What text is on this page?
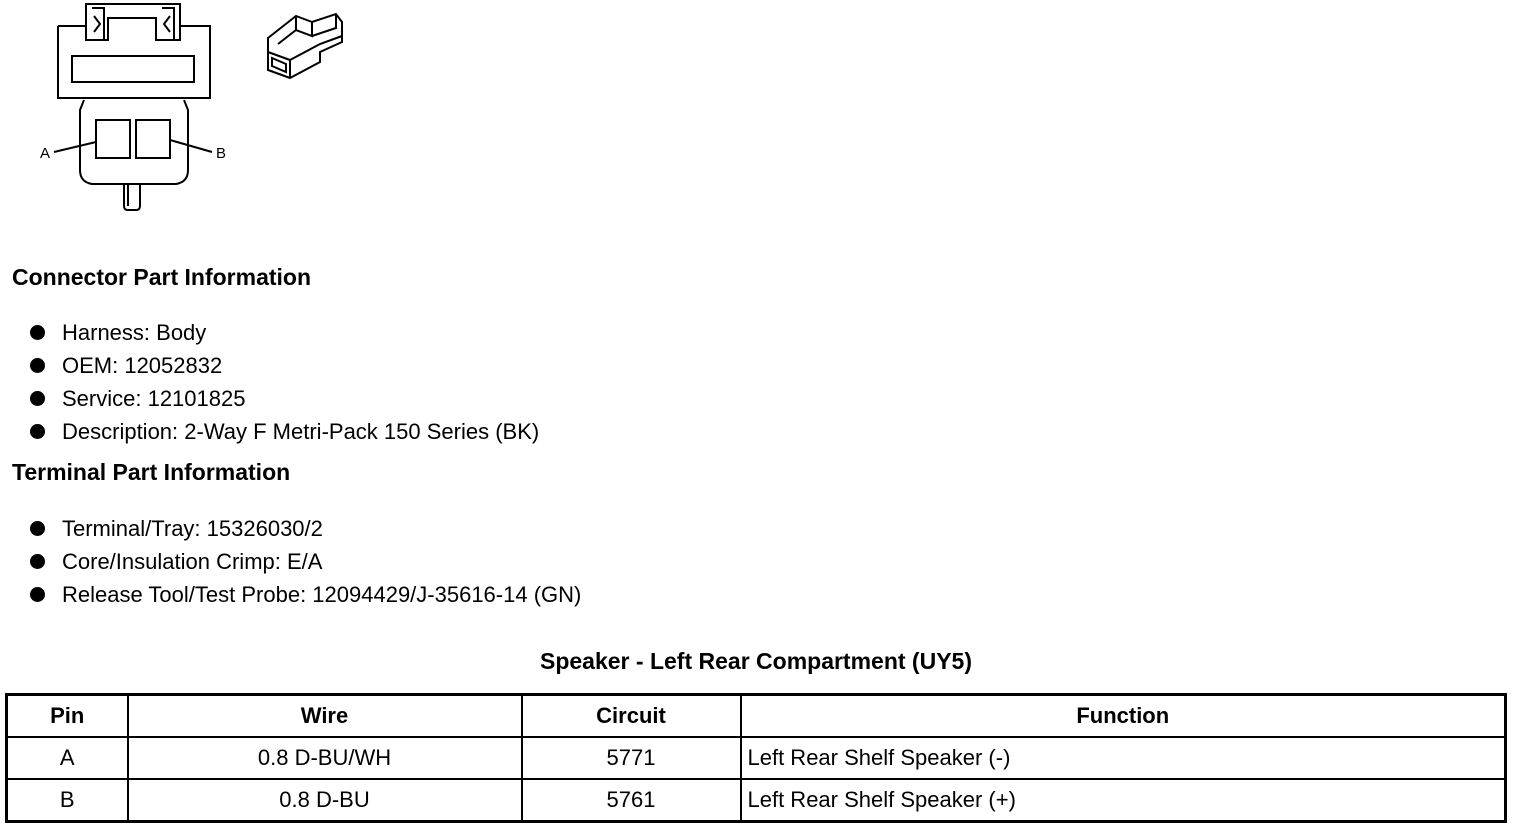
A	B
Connector Part Information
Harness: Body
OEM: 12052832
Service: 12101825
Description: 2-Way F Metri-Pack 150 Series (BK)
Terminal Part Information
Terminal/Tray: 15326030/2
Core/Insulation Crimp: E/A
Release Tool/Test Probe: 12094429/J-35616-14 (GN)
Speaker - Left Rear Compartment (UY5)
Pin	Wire	Circuit	Function
A	0.8 D-BU/WH	5771	Left Rear Shelf Speaker (-)
B	0.8 D-BU	5761	Left Rear Shelf Speaker (+)
